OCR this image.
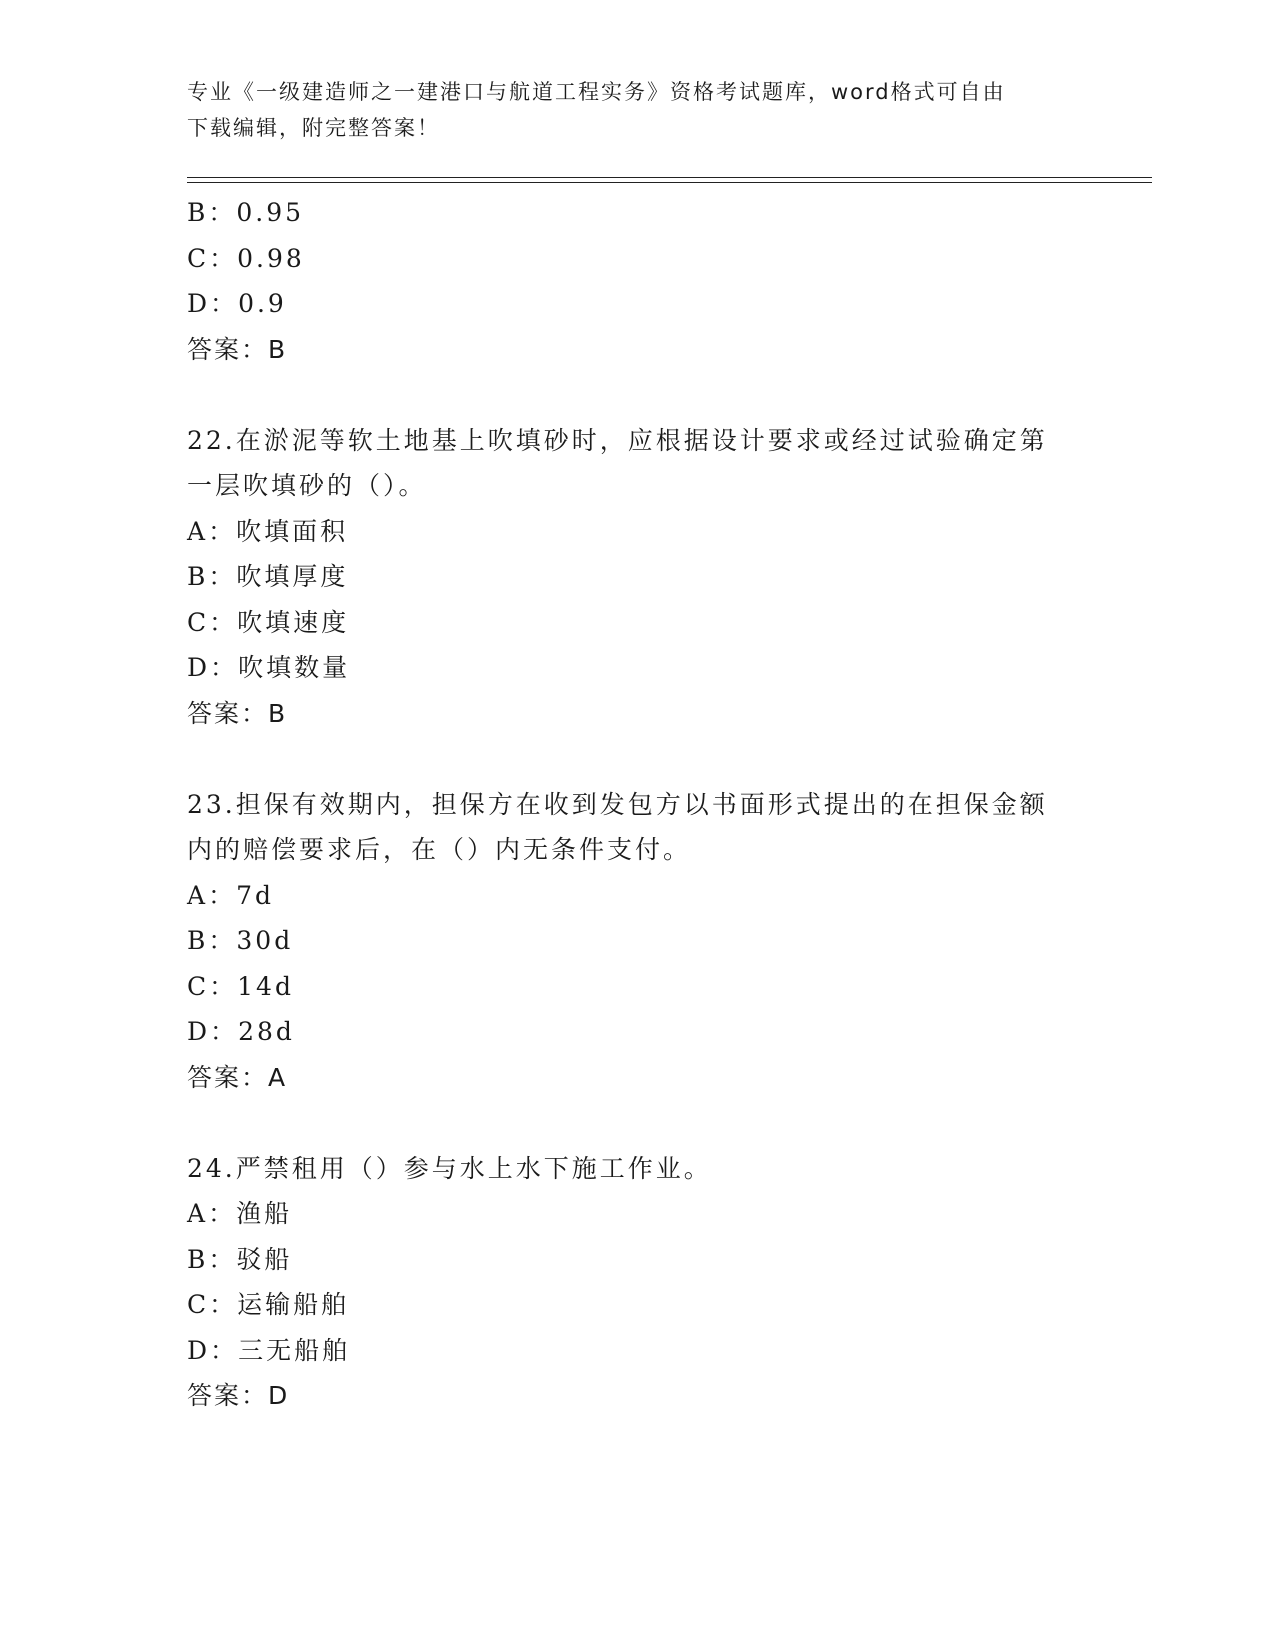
专业《一级建造师之一建港口与航道工程实务》资格考试题库，word格式可自由
下载编辑，附完整答案！
B：0.95
C：0.98
D：0.9
答案：B
22.在淤泥等软土地基上吹填砂时，应根据设计要求或经过试验确定第
一层吹填砂的（）。
A：吹填面积
B：吹填厚度
C：吹填速度
D：吹填数量
答案：B
23.担保有效期内，担保方在收到发包方以书面形式提出的在担保金额
内的赔偿要求后，在（）内无条件支付。
A：7d
B：30d
C：14d
D：28d
答案：A
24.严禁租用（）参与水上水下施工作业。
A：渔船
B：驳船
C：运输船舶
D：三无船舶
答案：D
